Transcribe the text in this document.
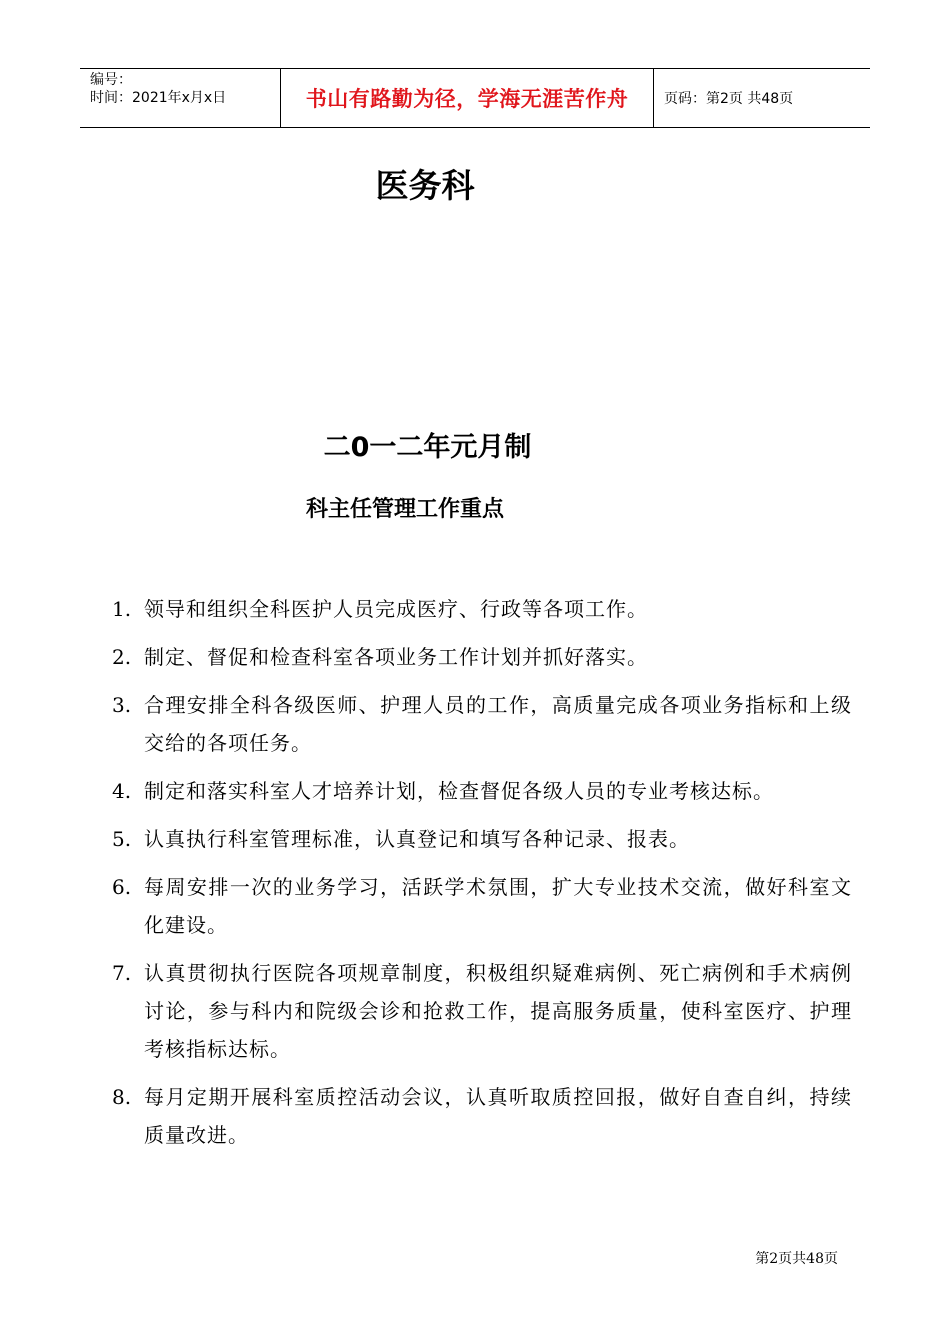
编号：
时间：2021年x月x日	书山有路勤为径，学海无涯苦作舟	页码：第2页 共48页
医务科
二0一二年元月制
科主任管理工作重点
1. 领导和组织全科医护人员完成医疗、行政等各项工作。
2. 制定、督促和检查科室各项业务工作计划并抓好落实。
3. 合理安排全科各级医师、护理人员的工作，高质量完成各项业务指标和上级交给的各项任务。
4. 制定和落实科室人才培养计划，检查督促各级人员的专业考核达标。
5. 认真执行科室管理标准，认真登记和填写各种记录、报表。
6. 每周安排一次的业务学习，活跃学术氛围，扩大专业技术交流，做好科室文化建设。
7. 认真贯彻执行医院各项规章制度，积极组织疑难病例、死亡病例和手术病例讨论，参与科内和院级会诊和抢救工作，提高服务质量，使科室医疗、护理考核指标达标。
8. 每月定期开展科室质控活动会议，认真听取质控回报，做好自查自纠，持续质量改进。
第2页共48页
